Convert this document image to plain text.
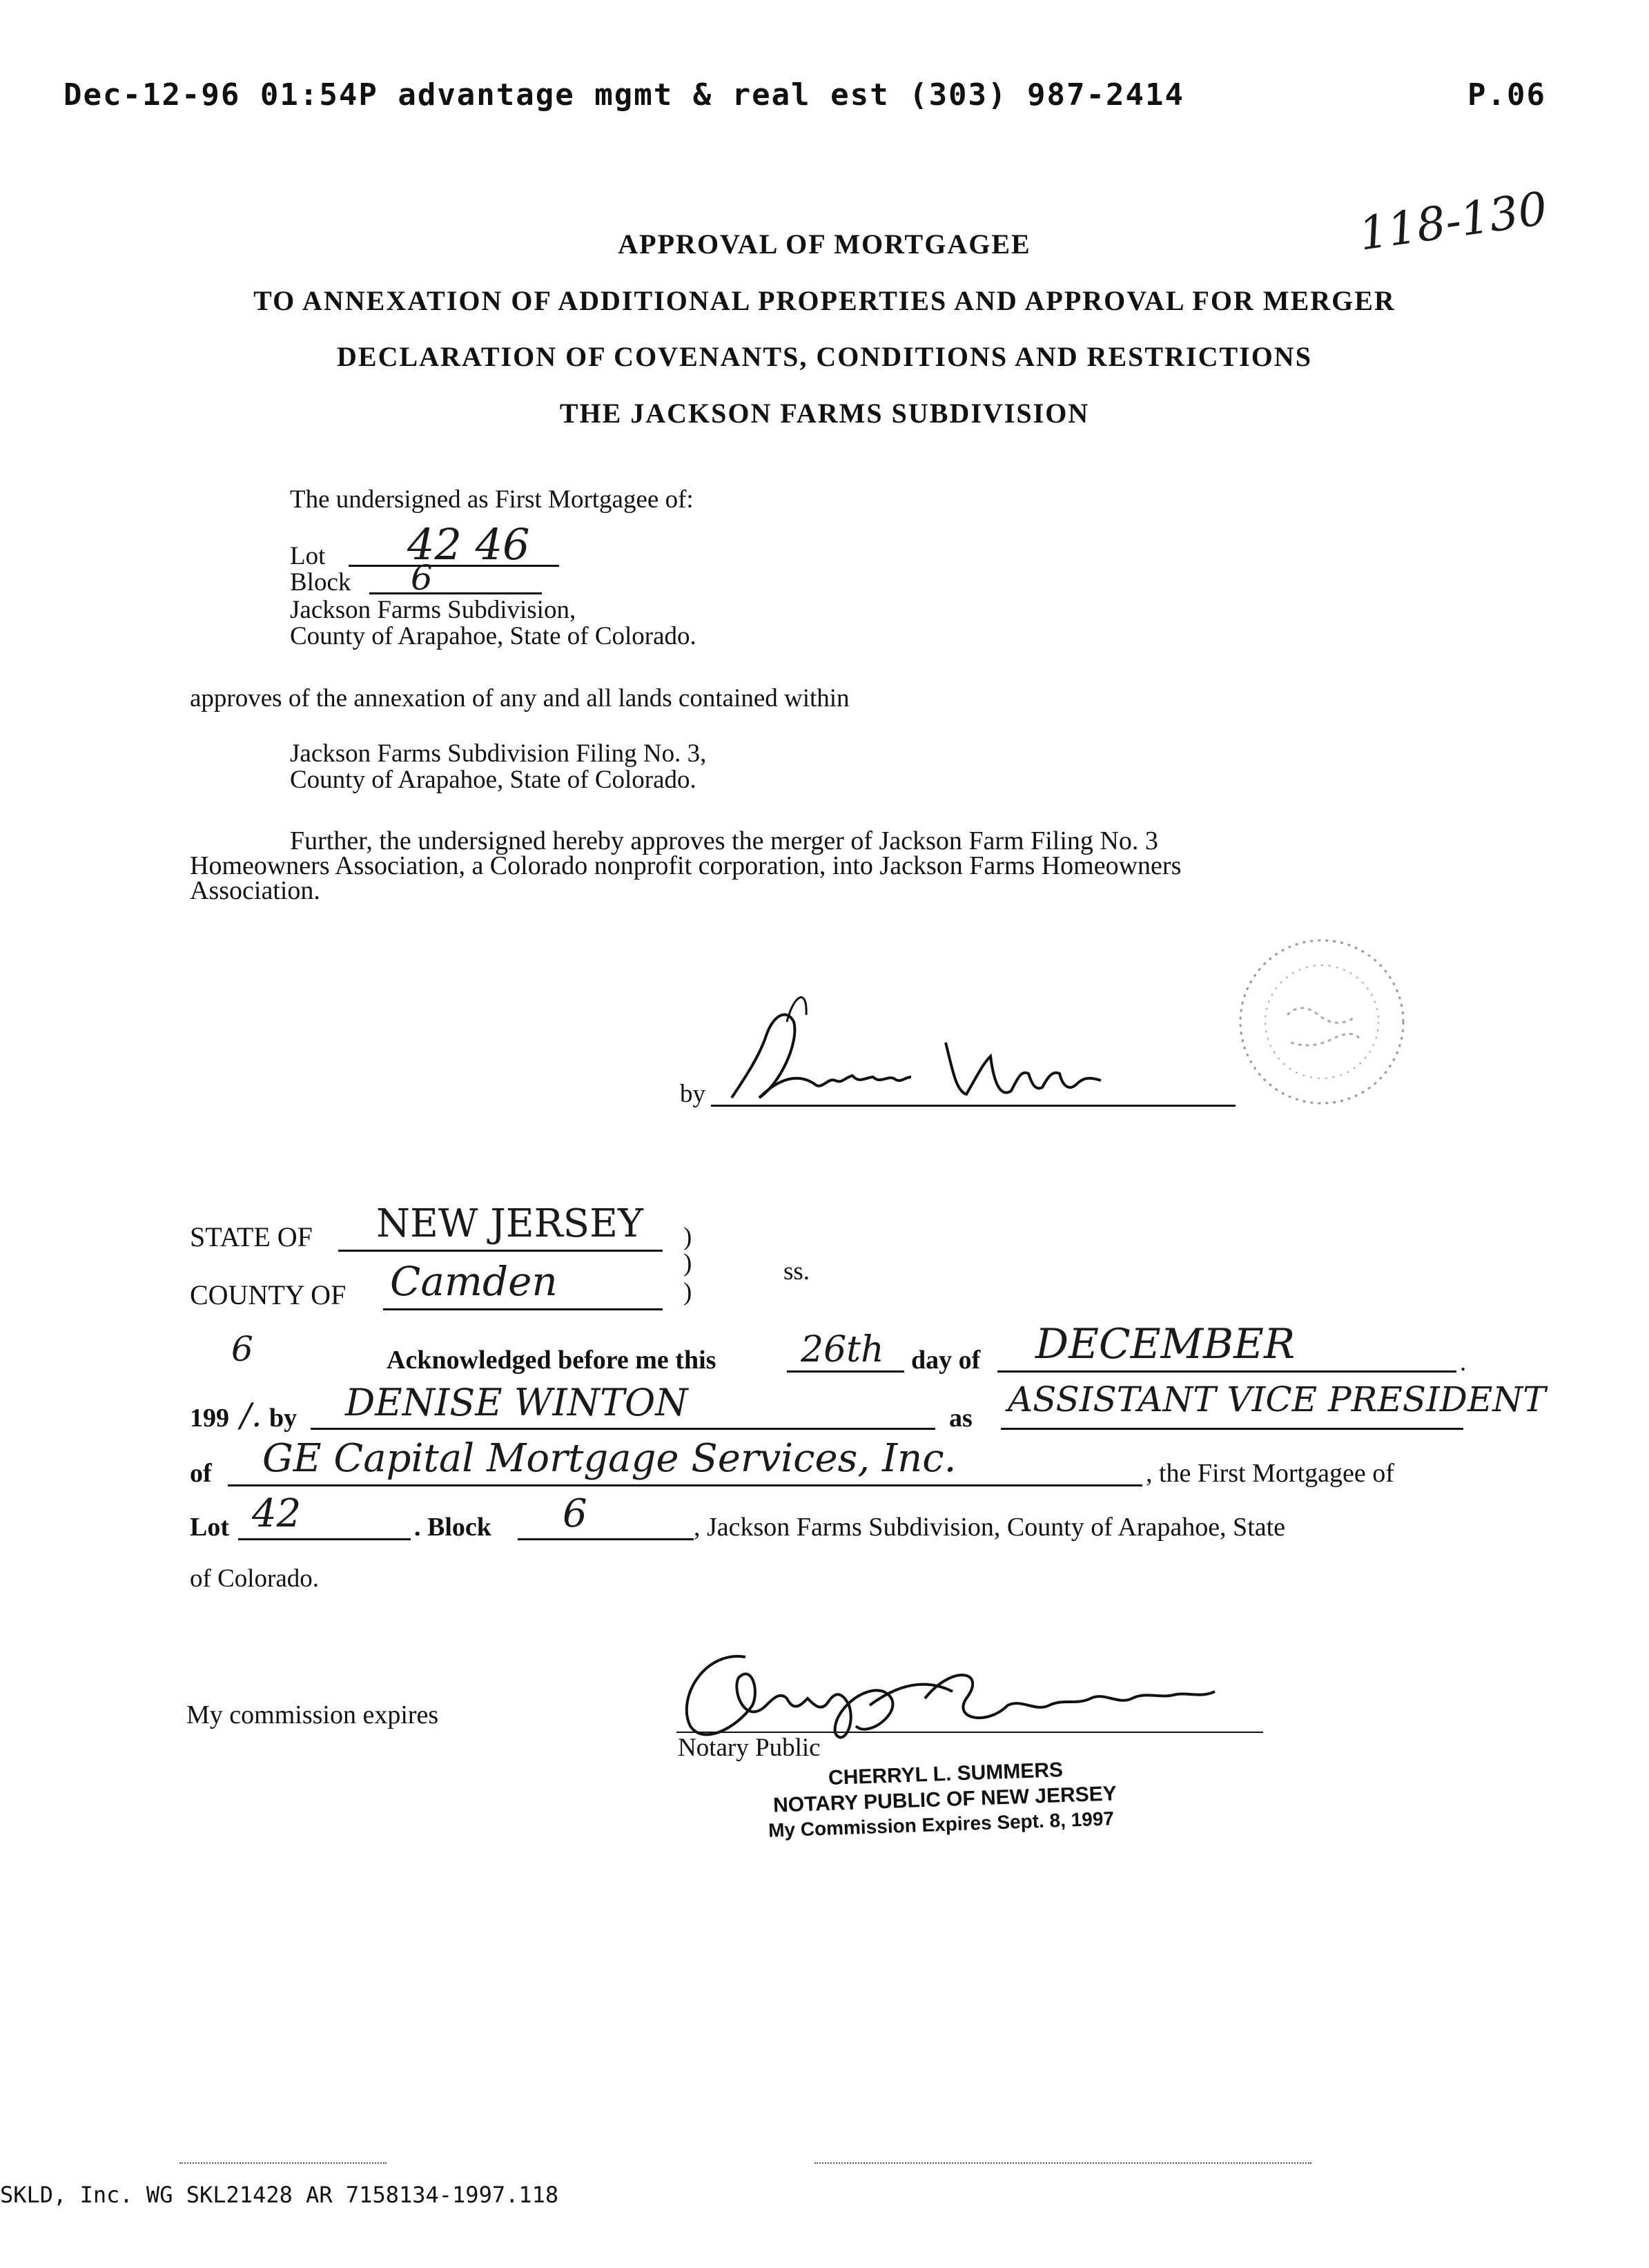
Dec-12-96 01:54P advantage mgmt & real est (303) 987-2414	P.06
118-130
APPROVAL OF MORTGAGEE
TO ANNEXATION OF ADDITIONAL PROPERTIES AND APPROVAL FOR MERGER
DECLARATION OF COVENANTS, CONDITIONS AND RESTRICTIONS
THE JACKSON FARMS SUBDIVISION
The undersigned as First Mortgagee of:
Lot 42 46
Block 6
Jackson Farms Subdivision,
County of Arapahoe, State of Colorado.
approves of the annexation of any and all lands contained within
Jackson Farms Subdivision Filing No. 3,
County of Arapahoe, State of Colorado.
Further, the undersigned hereby approves the merger of Jackson Farm Filing No. 3
Homeowners Association, a Colorado nonprofit corporation, into Jackson Farms Homeowners
Association.
by
STATE OF NEW JERSEY )
)	ss.
COUNTY OF Camden	)
Acknowledged before me this 26th day of DECEMBER	.
6
199 /. by DENISE WINTON	as ASSISTANT VICE PRESIDENT
of GE Capital Mortgage Services, Inc.	, the First Mortgagee of
Lot 42	. Block 6	, Jackson Farms Subdivision, County of Arapahoe, State
of Colorado.
My commission expires
Notary Public
CHERRYL L. SUMMERS
NOTARY PUBLIC OF NEW JERSEY
My Commission Expires Sept. 8, 1997
SKLD, Inc. WG SKL21428 AR 7158134-1997.118
